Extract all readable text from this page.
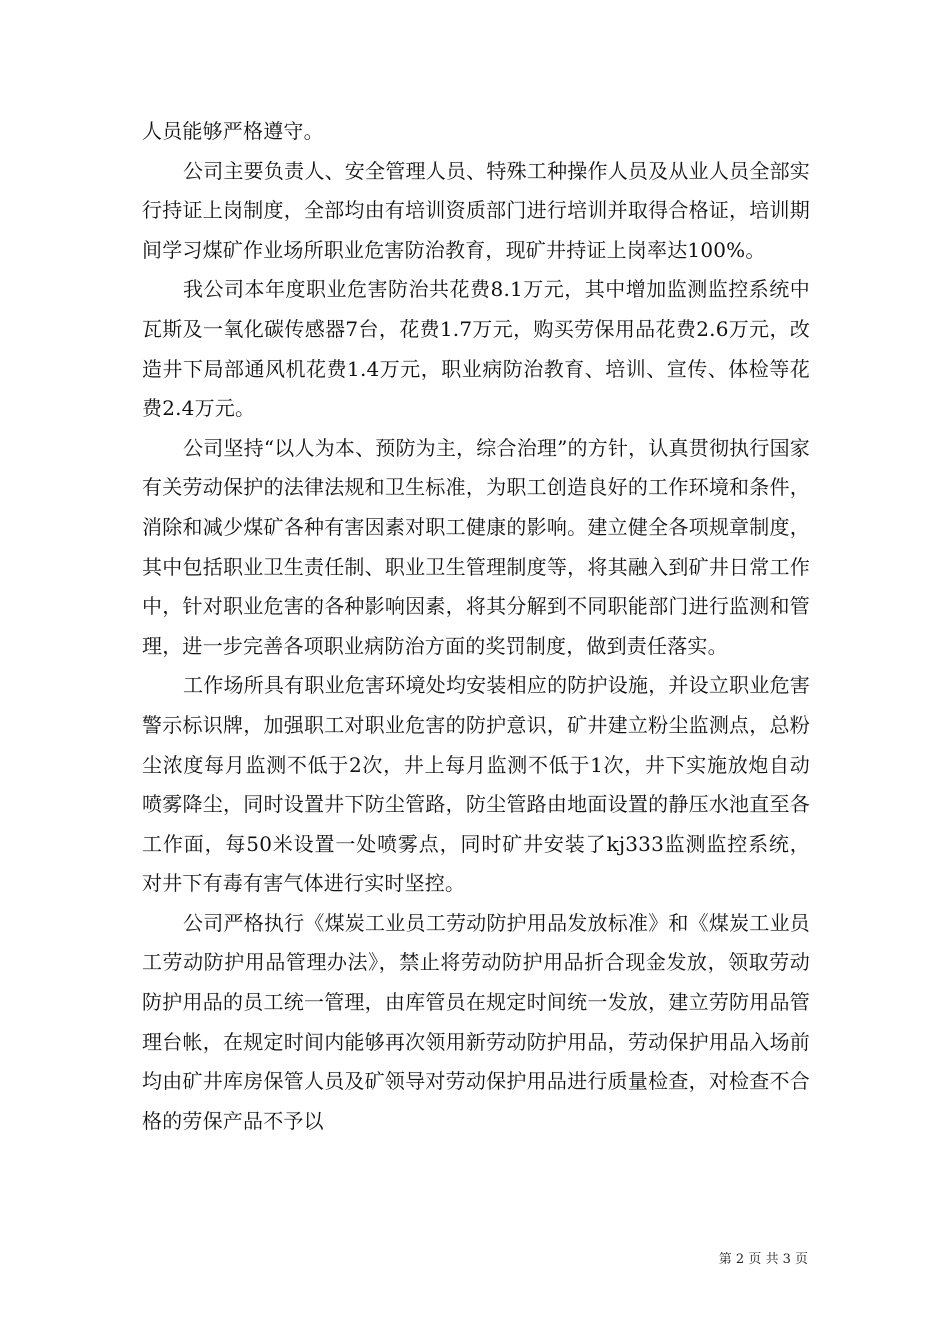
人员能够严格遵守。

公司主要负责人、安全管理人员、特殊工种操作人员及从业人员全部实行持证上岗制度，全部均由有培训资质部门进行培训并取得合格证，培训期间学习煤矿作业场所职业危害防治教育，现矿井持证上岗率达100%。

我公司本年度职业危害防治共花费8.1万元，其中增加监测监控系统中瓦斯及一氧化碳传感器7台，花费1.7万元，购买劳保用品花费2.6万元，改造井下局部通风机花费1.4万元，职业病防治教育、培训、宣传、体检等花费2.4万元。

公司坚持“以人为本、预防为主，综合治理”的方针，认真贯彻执行国家有关劳动保护的法律法规和卫生标准，为职工创造良好的工作环境和条件，消除和减少煤矿各种有害因素对职工健康的影响。建立健全各项规章制度，其中包括职业卫生责任制、职业卫生管理制度等，将其融入到矿井日常工作中，针对职业危害的各种影响因素，将其分解到不同职能部门进行监测和管理，进一步完善各项职业病防治方面的奖罚制度，做到责任落实。

工作场所具有职业危害环境处均安装相应的防护设施，并设立职业危害警示标识牌，加强职工对职业危害的防护意识，矿井建立粉尘监测点，总粉尘浓度每月监测不低于2次，井上每月监测不低于1次，井下实施放炮自动喷雾降尘，同时设置井下防尘管路，防尘管路由地面设置的静压水池直至各工作面，每50米设置一处喷雾点，同时矿井安装了kj333监测监控系统，对井下有毒有害气体进行实时坚控。

公司严格执行《煤炭工业员工劳动防护用品发放标准》和《煤炭工业员工劳动防护用品管理办法》，禁止将劳动防护用品折合现金发放，领取劳动防护用品的员工统一管理，由库管员在规定时间统一发放，建立劳防用品管理台帐，在规定时间内能够再次领用新劳动防护用品，劳动保护用品入场前均由矿井库房保管人员及矿领导对劳动保护用品进行质量检查，对检查不合格的劳保产品不予以

第 2 页 共 3 页
